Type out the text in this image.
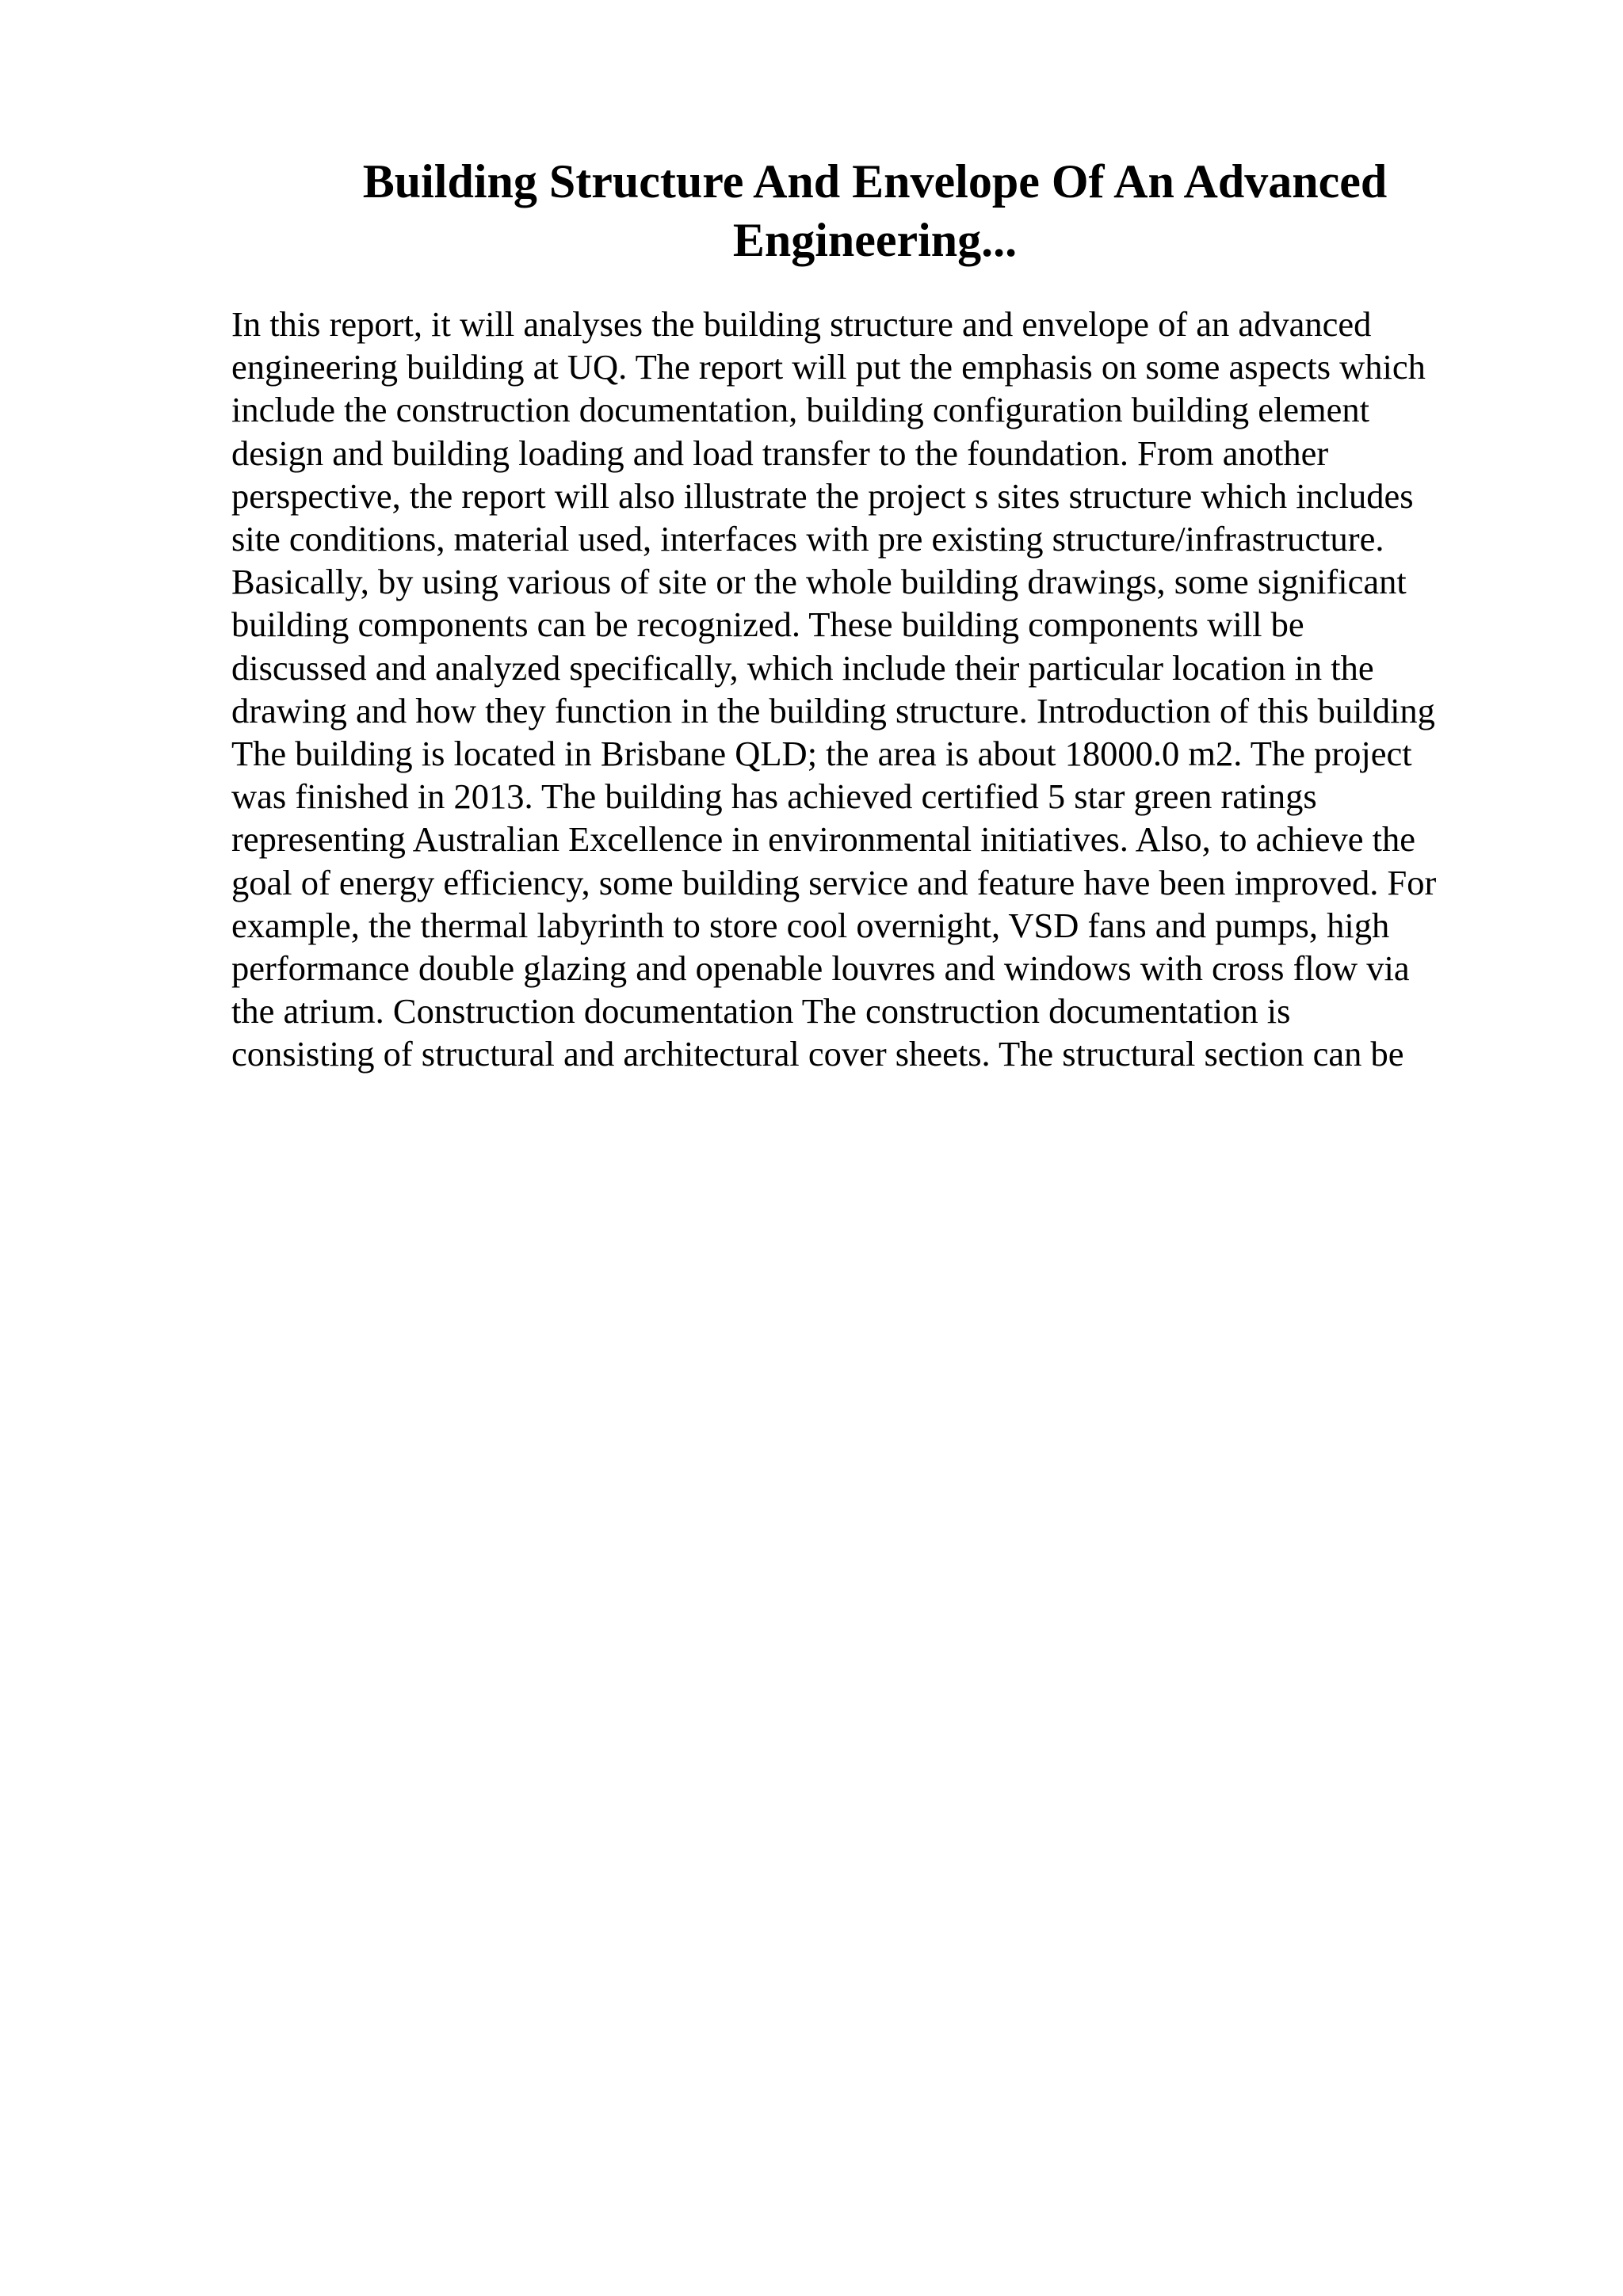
Building Structure And Envelope Of An Advanced
Engineering...
In this report, it will analyses the building structure and envelope of an advanced
engineering building at UQ. The report will put the emphasis on some aspects which
include the construction documentation, building configuration building element
design and building loading and load transfer to the foundation. From another
perspective, the report will also illustrate the project s sites structure which includes
site conditions, material used, interfaces with pre existing structure/infrastructure.
Basically, by using various of site or the whole building drawings, some significant
building components can be recognized. These building components will be
discussed and analyzed specifically, which include their particular location in the
drawing and how they function in the building structure. Introduction of this building
The building is located in Brisbane QLD; the area is about 18000.0 m2. The project
was finished in 2013. The building has achieved certified 5 star green ratings
representing Australian Excellence in environmental initiatives. Also, to achieve the
goal of energy efficiency, some building service and feature have been improved. For
example, the thermal labyrinth to store cool overnight, VSD fans and pumps, high
performance double glazing and openable louvres and windows with cross flow via
the atrium. Construction documentation The construction documentation is
consisting of structural and architectural cover sheets. The structural section can be
